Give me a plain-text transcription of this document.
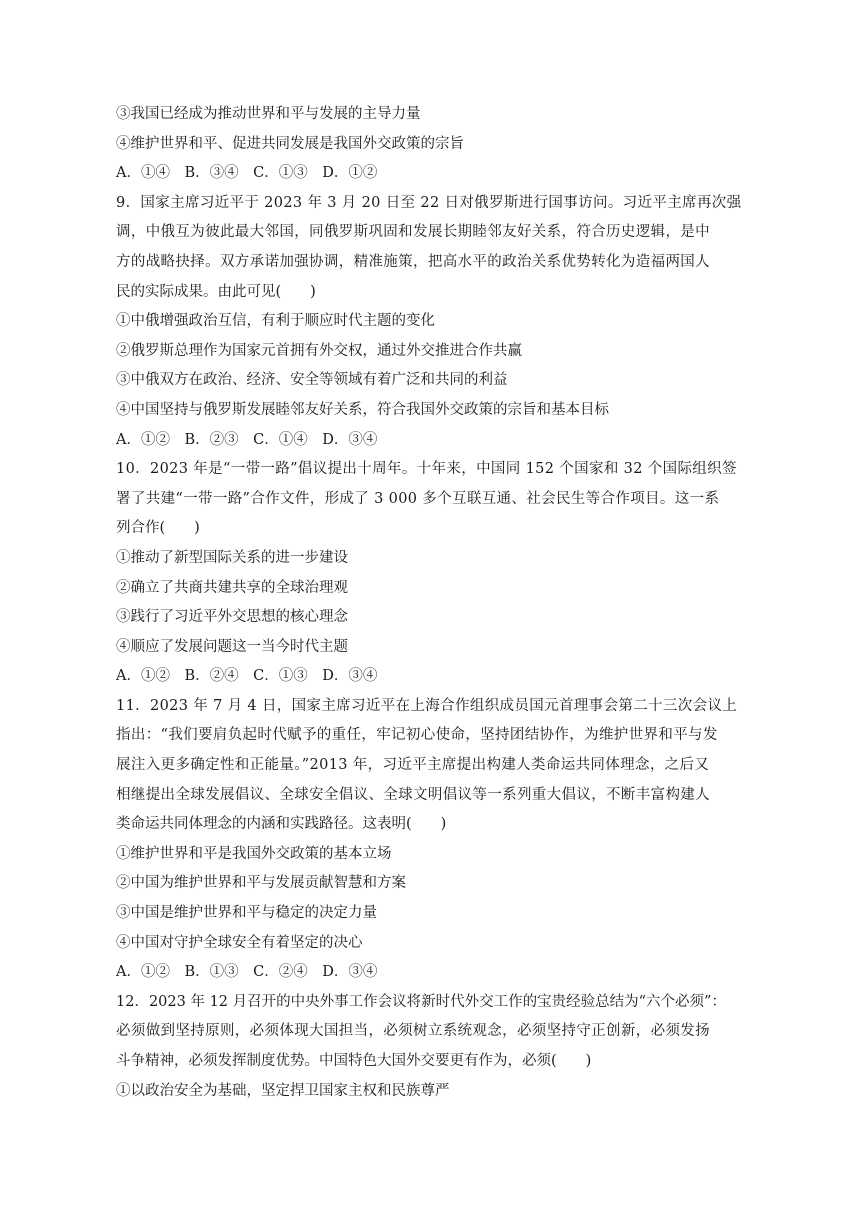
③我国已经成为推动世界和平与发展的主导力量
④维护世界和平、促进共同发展是我国外交政策的宗旨
A．①④　B．③④　C．①③　D．①②
9．国家主席习近平于 2023 年 3 月 20 日至 22 日对俄罗斯进行国事访问。习近平主席再次强
调，中俄互为彼此最大邻国，同俄罗斯巩固和发展长期睦邻友好关系，符合历史逻辑，是中
方的战略抉择。双方承诺加强协调，精准施策，把高水平的政治关系优势转化为造福两国人
民的实际成果。由此可见(　　)
①中俄增强政治互信，有利于顺应时代主题的变化
②俄罗斯总理作为国家元首拥有外交权，通过外交推进合作共赢
③中俄双方在政治、经济、安全等领域有着广泛和共同的利益
④中国坚持与俄罗斯发展睦邻友好关系，符合我国外交政策的宗旨和基本目标
A．①②　B．②③　C．①④　D．③④
10．2023 年是“一带一路”倡议提出十周年。十年来，中国同 152 个国家和 32 个国际组织签
署了共建“一带一路”合作文件，形成了 3 000 多个互联互通、社会民生等合作项目。这一系
列合作(　　)
①推动了新型国际关系的进一步建设
②确立了共商共建共享的全球治理观
③践行了习近平外交思想的核心理念
④顺应了发展问题这一当今时代主题
A．①②　B．②④　C．①③　D．③④
11．2023 年 7 月 4 日，国家主席习近平在上海合作组织成员国元首理事会第二十三次会议上
指出：“我们要肩负起时代赋予的重任，牢记初心使命，坚持团结协作，为维护世界和平与发
展注入更多确定性和正能量。”2013 年，习近平主席提出构建人类命运共同体理念，之后又
相继提出全球发展倡议、全球安全倡议、全球文明倡议等一系列重大倡议，不断丰富构建人
类命运共同体理念的内涵和实践路径。这表明(　　)
①维护世界和平是我国外交政策的基本立场
②中国为维护世界和平与发展贡献智慧和方案
③中国是维护世界和平与稳定的决定力量
④中国对守护全球安全有着坚定的决心
A．①②　B．①③　C．②④　D．③④
12．2023 年 12 月召开的中央外事工作会议将新时代外交工作的宝贵经验总结为“六个必须”：
必须做到坚持原则，必须体现大国担当，必须树立系统观念，必须坚持守正创新，必须发扬
斗争精神，必须发挥制度优势。中国特色大国外交要更有作为，必须(　　)
①以政治安全为基础，坚定捍卫国家主权和民族尊严
